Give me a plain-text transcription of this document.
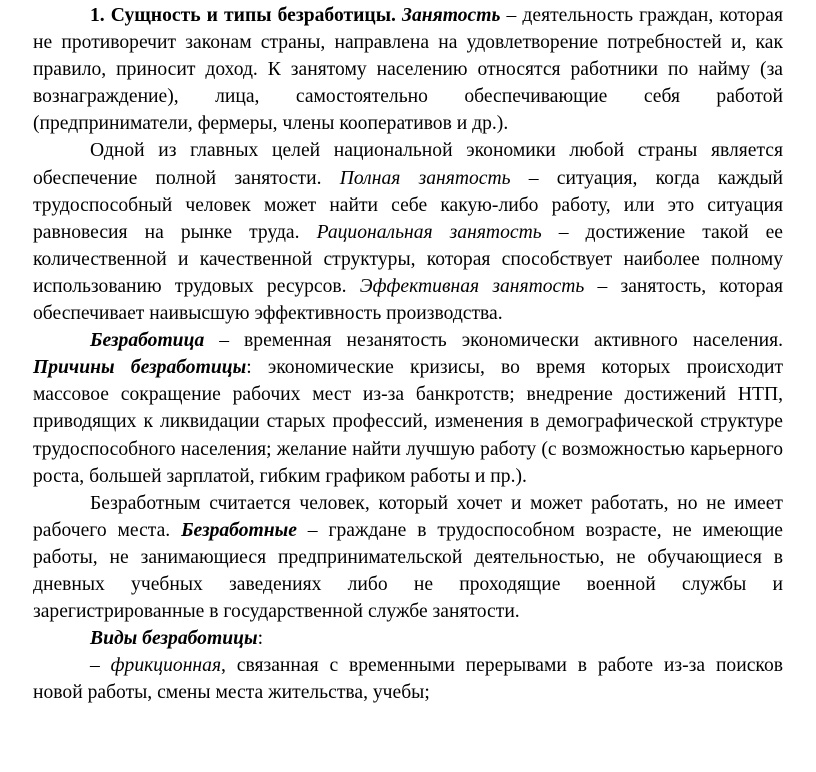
1. Сущность и типы безработицы. Занятость – деятельность граждан, которая не противоречит законам страны, направлена на удовлетворение потребностей и, как правило, приносит доход. К занятому населению относятся работники по найму (за вознаграждение), лица, самостоятельно обеспечивающие себя работой (предприниматели, фермеры, члены кооперативов и др.).

Одной из главных целей национальной экономики любой страны является обеспечение полной занятости. Полная занятость – ситуация, когда каждый трудоспособный человек может найти себе какую-либо работу, или это ситуация равновесия на рынке труда. Рациональная занятость – достижение такой ее количественной и качественной структуры, которая способствует наиболее полному использованию трудовых ресурсов. Эффективная занятость – занятость, которая обеспечивает наивысшую эффективность производства.

Безработица – временная незанятость экономически активного населения. Причины безработицы: экономические кризисы, во время которых происходит массовое сокращение рабочих мест из-за банкротств; внедрение достижений НТП, приводящих к ликвидации старых профессий, изменения в демографической структуре трудоспособного населения; желание найти лучшую работу (с возможностью карьерного роста, большей зарплатой, гибким графиком работы и пр.).

Безработным считается человек, который хочет и может работать, но не имеет рабочего места. Безработные – граждане в трудоспособном возрасте, не имеющие работы, не занимающиеся предпринимательской деятельностью, не обучающиеся в дневных учебных заведениях либо не проходящие военной службы и зарегистрированные в государственной службе занятости.

Виды безработицы:

– фрикционная, связанная с временными перерывами в работе из-за поисков новой работы, смены места жительства, учебы;
